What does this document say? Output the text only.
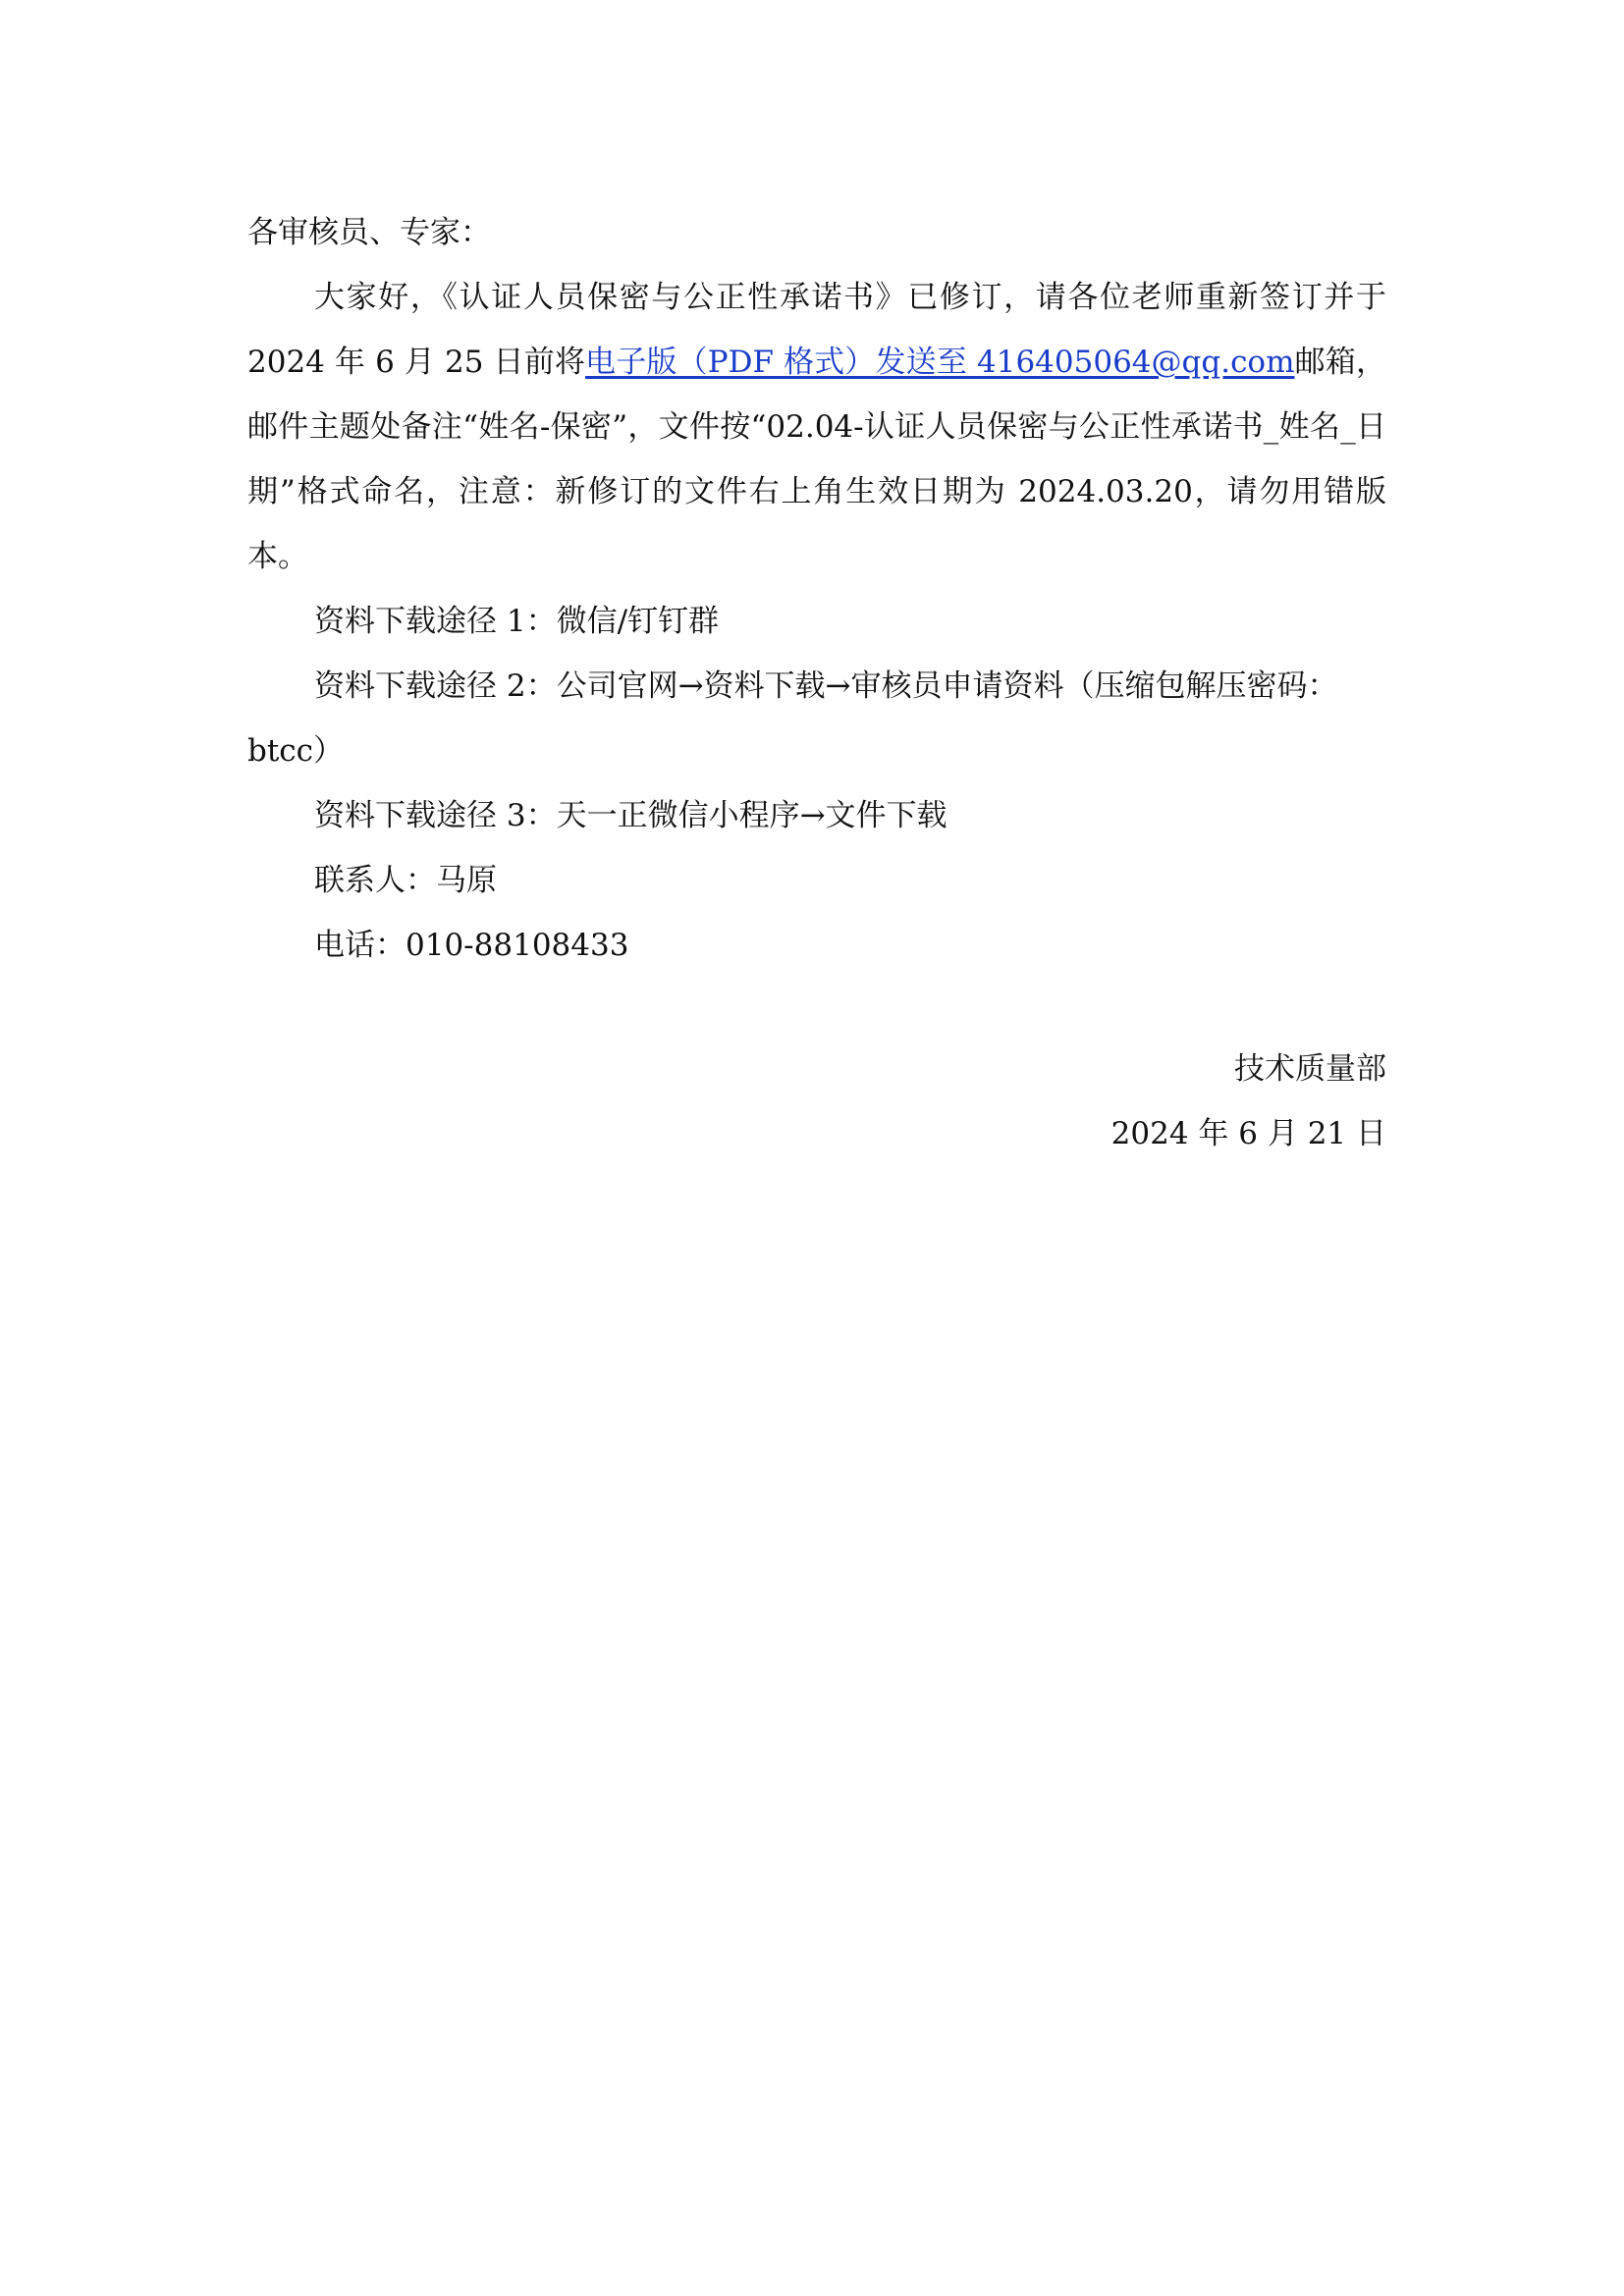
各审核员、专家：

大家好，《认证人员保密与公正性承诺书》已修订，请各位老师重新签订并于 2024 年 6 月 25 日前将电子版（PDF 格式）发送至 416405064@qq.com邮箱，邮件主题处备注“姓名-保密”，文件按“02.04-认证人员保密与公正性承诺书_姓名_日期”格式命名，注意：新修订的文件右上角生效日期为 2024.03.20，请勿用错版本。

资料下载途径 1：微信/钉钉群

资料下载途径 2：公司官网→资料下载→审核员申请资料（压缩包解压密码：

btcc）

资料下载途径 3：天一正微信小程序→文件下载

联系人：马原

电话：010-88108433

技术质量部
2024 年 6 月 21 日
